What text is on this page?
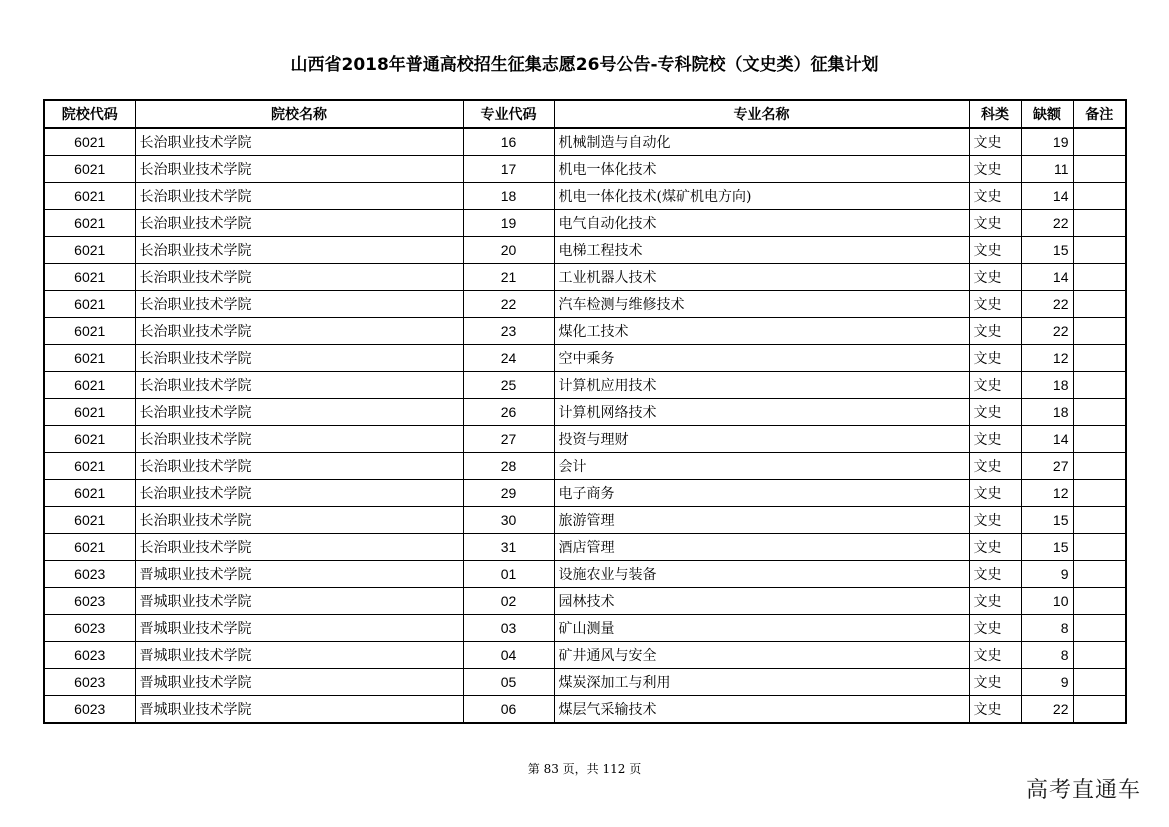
山西省2018年普通高校招生征集志愿26号公告-专科院校（文史类）征集计划
院校代码	院校名称	专业代码	专业名称	科类	缺额	备注
6021	长治职业技术学院	16	机械制造与自动化	文史	19	
6021	长治职业技术学院	17	机电一体化技术	文史	11	
6021	长治职业技术学院	18	机电一体化技术(煤矿机电方向)	文史	14	
6021	长治职业技术学院	19	电气自动化技术	文史	22	
6021	长治职业技术学院	20	电梯工程技术	文史	15	
6021	长治职业技术学院	21	工业机器人技术	文史	14	
6021	长治职业技术学院	22	汽车检测与维修技术	文史	22	
6021	长治职业技术学院	23	煤化工技术	文史	22	
6021	长治职业技术学院	24	空中乘务	文史	12	
6021	长治职业技术学院	25	计算机应用技术	文史	18	
6021	长治职业技术学院	26	计算机网络技术	文史	18	
6021	长治职业技术学院	27	投资与理财	文史	14	
6021	长治职业技术学院	28	会计	文史	27	
6021	长治职业技术学院	29	电子商务	文史	12	
6021	长治职业技术学院	30	旅游管理	文史	15	
6021	长治职业技术学院	31	酒店管理	文史	15	
6023	晋城职业技术学院	01	设施农业与装备	文史	9	
6023	晋城职业技术学院	02	园林技术	文史	10	
6023	晋城职业技术学院	03	矿山测量	文史	8	
6023	晋城职业技术学院	04	矿井通风与安全	文史	8	
6023	晋城职业技术学院	05	煤炭深加工与利用	文史	9	
6023	晋城职业技术学院	06	煤层气采输技术	文史	22	
第 83 页，共 112 页
高考直通车
